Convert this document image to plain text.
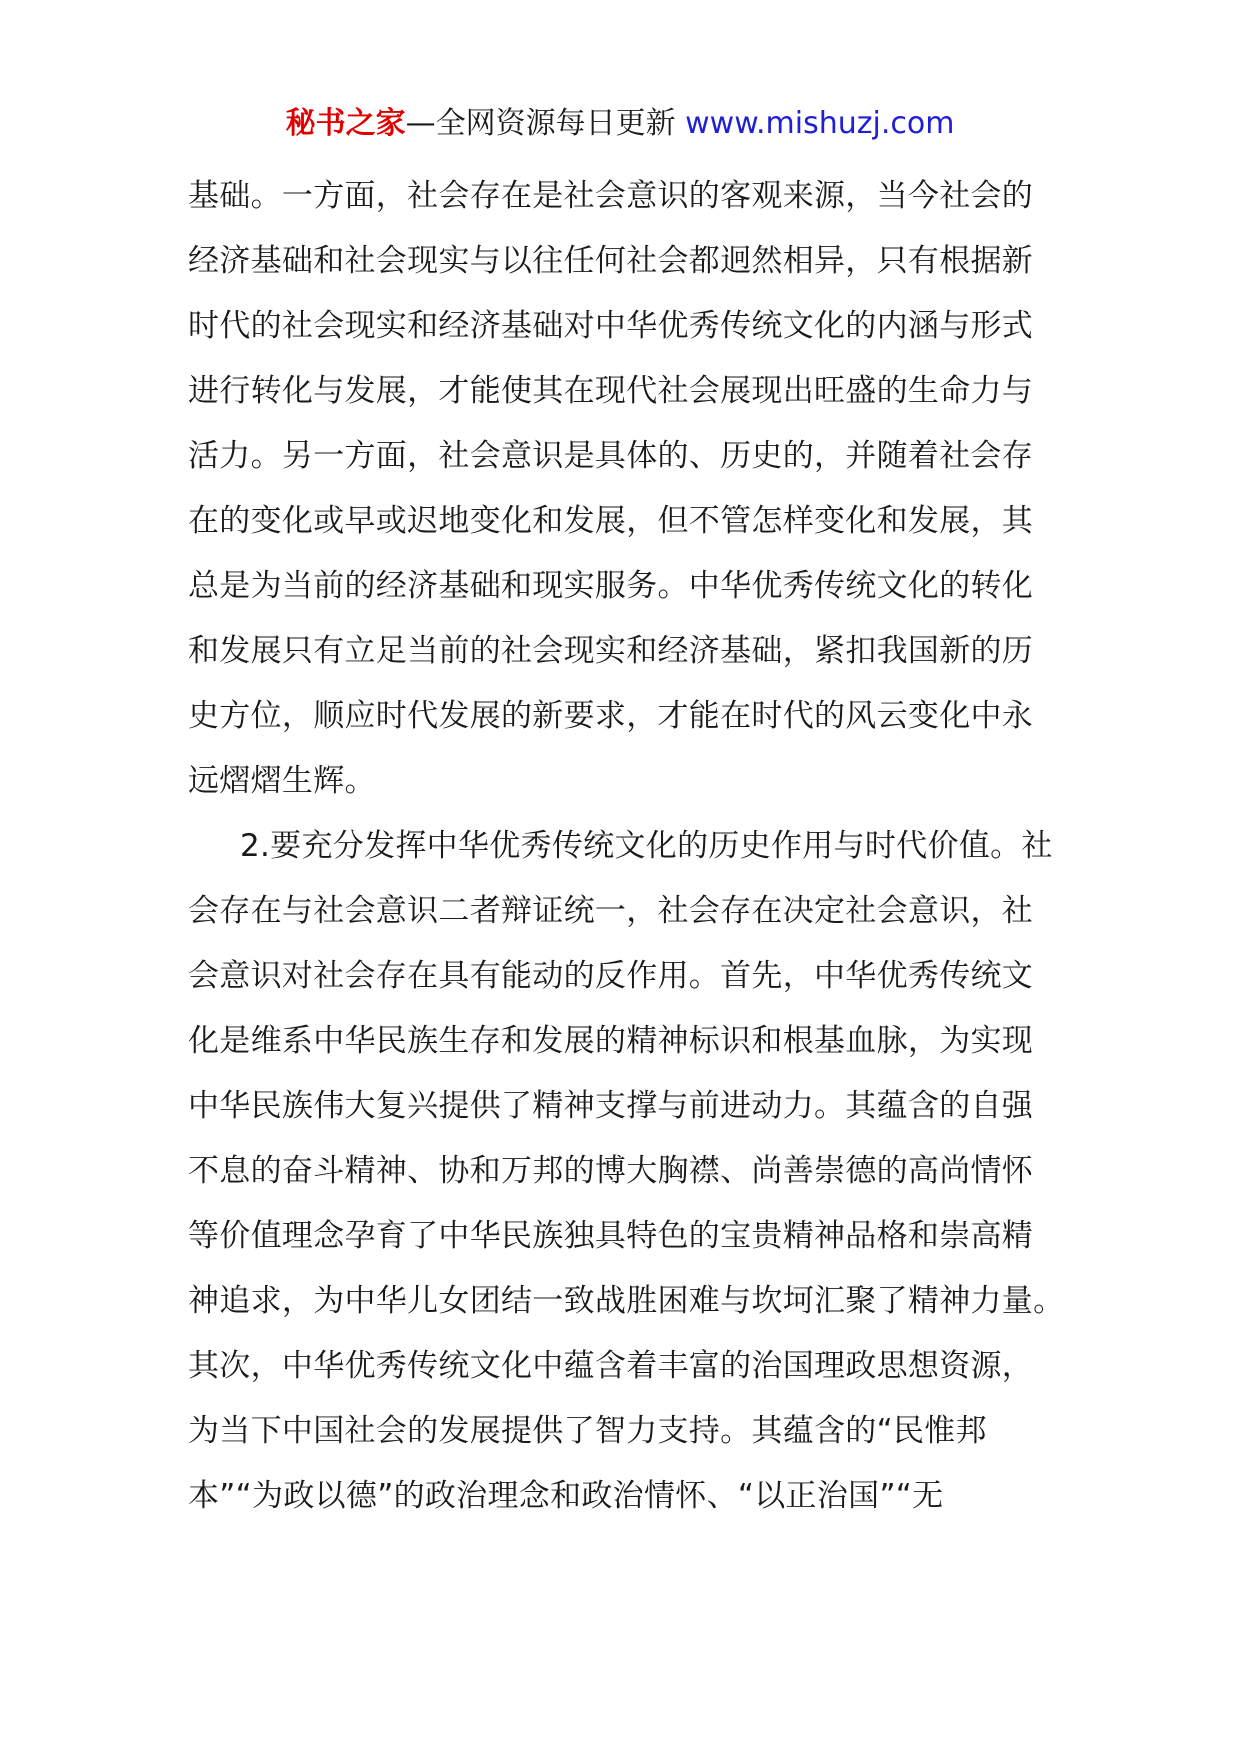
秘书之家—全网资源每日更新 www.mishuzj.com
基础。一方面，社会存在是社会意识的客观来源，当今社会的
经济基础和社会现实与以往任何社会都迥然相异，只有根据新
时代的社会现实和经济基础对中华优秀传统文化的内涵与形式
进行转化与发展，才能使其在现代社会展现出旺盛的生命力与
活力。另一方面，社会意识是具体的、历史的，并随着社会存
在的变化或早或迟地变化和发展，但不管怎样变化和发展，其
总是为当前的经济基础和现实服务。中华优秀传统文化的转化
和发展只有立足当前的社会现实和经济基础，紧扣我国新的历
史方位，顺应时代发展的新要求，才能在时代的风云变化中永
远熠熠生辉。
2.要充分发挥中华优秀传统文化的历史作用与时代价值。社
会存在与社会意识二者辩证统一，社会存在决定社会意识，社
会意识对社会存在具有能动的反作用。首先，中华优秀传统文
化是维系中华民族生存和发展的精神标识和根基血脉，为实现
中华民族伟大复兴提供了精神支撑与前进动力。其蕴含的自强
不息的奋斗精神、协和万邦的博大胸襟、尚善崇德的高尚情怀
等价值理念孕育了中华民族独具特色的宝贵精神品格和崇高精
神追求，为中华儿女团结一致战胜困难与坎坷汇聚了精神力量。
其次，中华优秀传统文化中蕴含着丰富的治国理政思想资源，
为当下中国社会的发展提供了智力支持。其蕴含的“民惟邦
本”“为政以德”的政治理念和政治情怀、“以正治国”“无
